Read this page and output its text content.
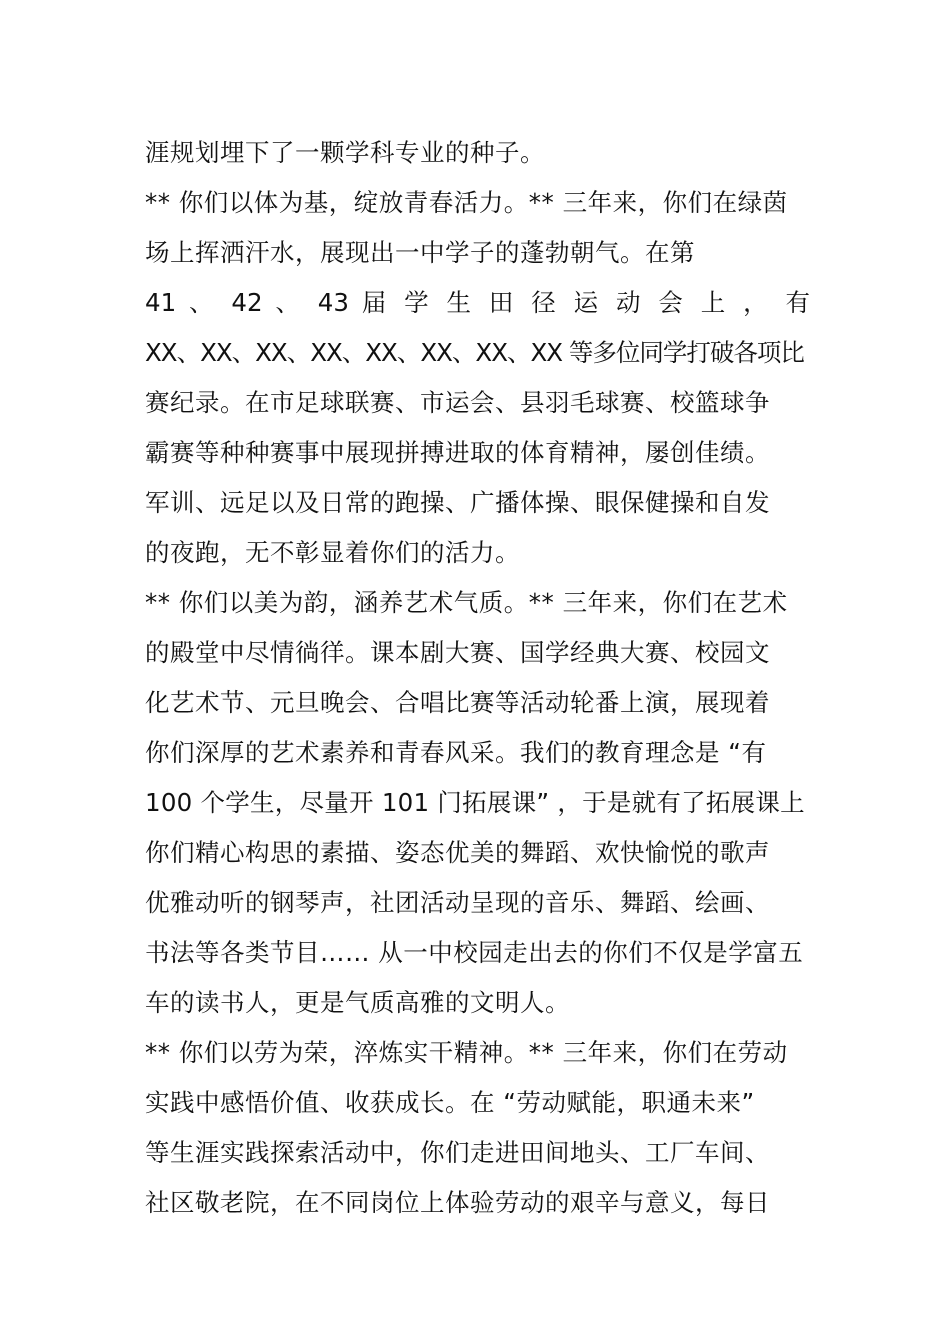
涯规划埋下了一颗学科专业的种子。
** 你们以体为基，绽放青春活力。** 三年来，你们在绿茵
场上挥洒汗水，展现出一中学子的蓬勃朝气。在第
41 、 42 、 43 届 学 生 田 径 运 动 会 上 ， 有
XX、XX、XX、XX、XX、XX、XX、XX 等多位同学打破各项比
赛纪录。在市足球联赛、市运会、县羽毛球赛、校篮球争
霸赛等种种赛事中展现拼搏进取的体育精神，屡创佳绩。
军训、远足以及日常的跑操、广播体操、眼保健操和自发
的夜跑，无不彰显着你们的活力。
** 你们以美为韵，涵养艺术气质。** 三年来，你们在艺术
的殿堂中尽情徜徉。课本剧大赛、国学经典大赛、校园文
化艺术节、元旦晚会、合唱比赛等活动轮番上演，展现着
你们深厚的艺术素养和青春风采。我们的教育理念是 “有
100 个学生，尽量开 101 门拓展课” ，于是就有了拓展课上
你们精心构思的素描、姿态优美的舞蹈、欢快愉悦的歌声
优雅动听的钢琴声，社团活动呈现的音乐、舞蹈、绘画、
书法等各类节目…… 从一中校园走出去的你们不仅是学富五
车的读书人，更是气质高雅的文明人。
** 你们以劳为荣，淬炼实干精神。** 三年来，你们在劳动
实践中感悟价值、收获成长。在 “劳动赋能，职通未来”
等生涯实践探索活动中，你们走进田间地头、工厂车间、
社区敬老院，在不同岗位上体验劳动的艰辛与意义，每日
